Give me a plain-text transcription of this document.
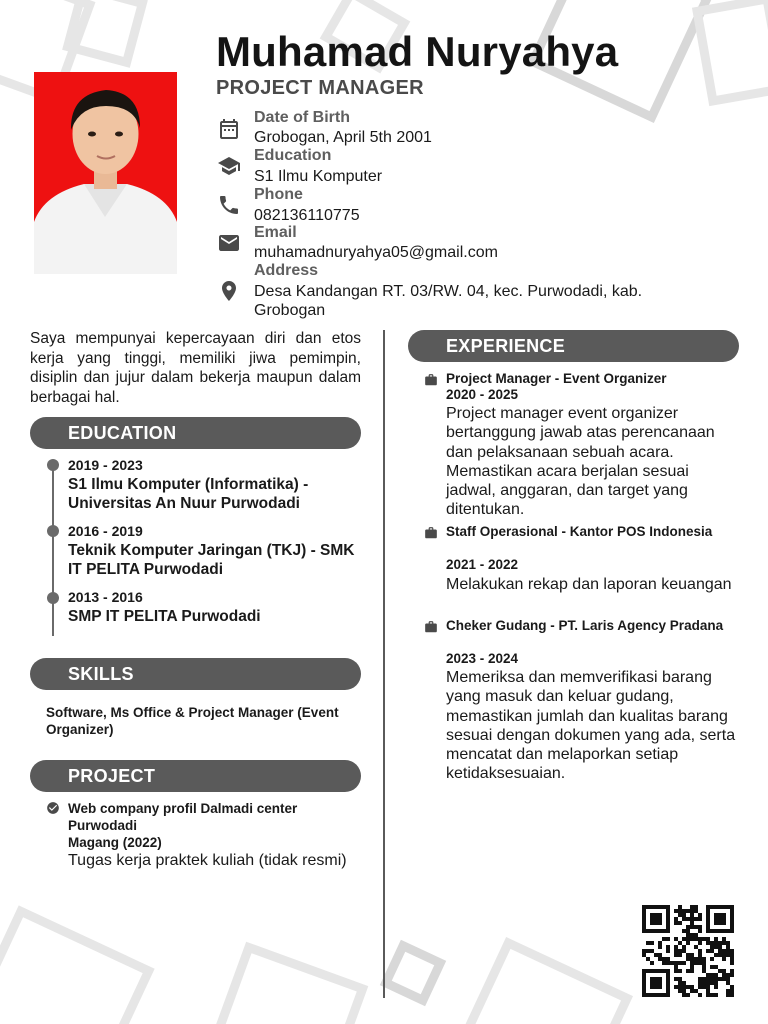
Muhamad Nuryahya
PROJECT MANAGER
Date of Birth
Grobogan, April 5th 2001
Education
S1 Ilmu Komputer
Phone
082136110775
Email
muhamadnuryahya05@gmail.com
Address
Desa Kandangan RT. 03/RW. 04, kec. Purwodadi, kab. Grobogan
Saya mempunyai kepercayaan diri dan etos kerja yang tinggi, memiliki jiwa pemimpin, disiplin dan jujur dalam bekerja maupun dalam berbagai hal.
EDUCATION
2019 - 2023
S1 Ilmu Komputer (Informatika) - Universitas An Nuur Purwodadi
2016 - 2019
Teknik Komputer Jaringan (TKJ) - SMK IT PELITA Purwodadi
2013 - 2016
SMP IT PELITA Purwodadi
SKILLS
Software, Ms Office & Project Manager (Event Organizer)
PROJECT
Web company profil Dalmadi center Purwodadi
Magang (2022)
Tugas kerja praktek kuliah (tidak resmi)
EXPERIENCE
Project Manager - Event Organizer
2020 - 2025
Project manager event organizer bertanggung jawab atas perencanaan dan pelaksanaan sebuah acara. Memastikan acara berjalan sesuai jadwal, anggaran, dan target yang ditentukan.
Staff Operasional - Kantor POS Indonesia
2021 - 2022
Melakukan rekap dan laporan keuangan
Cheker Gudang - PT. Laris Agency Pradana
2023 - 2024
Memeriksa dan memverifikasi barang yang masuk dan keluar gudang, memastikan jumlah dan kualitas barang sesuai dengan dokumen yang ada, serta mencatat dan melaporkan setiap ketidaksesuaian.
